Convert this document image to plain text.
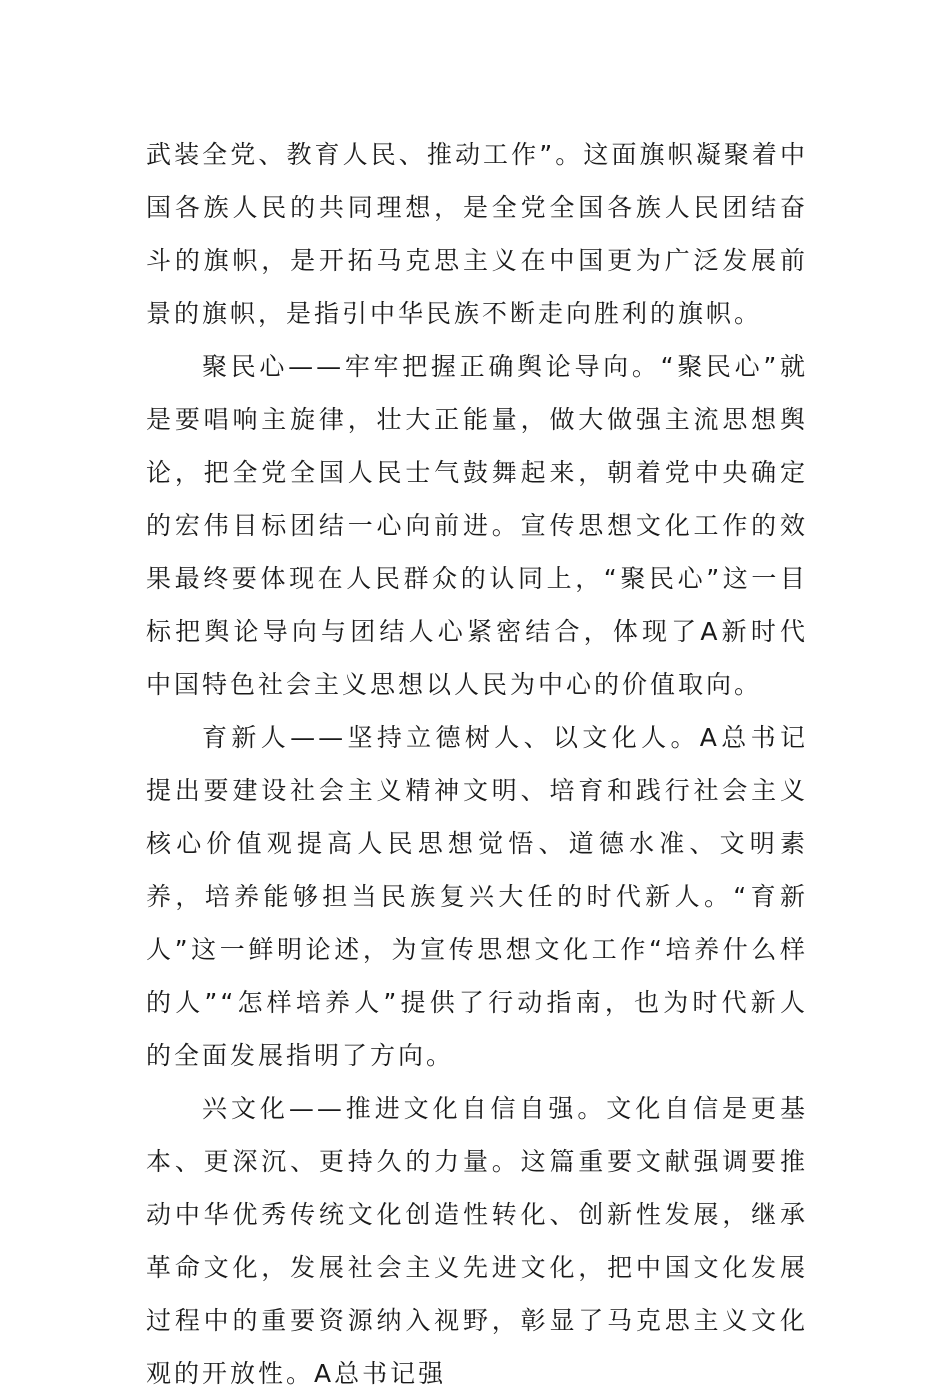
武装全党、教育人民、推动工作”。这面旗帜凝聚着中国各族人民的共同理想，是全党全国各族人民团结奋斗的旗帜，是开拓马克思主义在中国更为广泛发展前景的旗帜，是指引中华民族不断走向胜利的旗帜。

聚民心——牢牢把握正确舆论导向。“聚民心”就是要唱响主旋律，壮大正能量，做大做强主流思想舆论，把全党全国人民士气鼓舞起来，朝着党中央确定的宏伟目标团结一心向前进。宣传思想文化工作的效果最终要体现在人民群众的认同上，“聚民心”这一目标把舆论导向与团结人心紧密结合，体现了A新时代中国特色社会主义思想以人民为中心的价值取向。

育新人——坚持立德树人、以文化人。A总书记提出要建设社会主义精神文明、培育和践行社会主义核心价值观提高人民思想觉悟、道德水准、文明素养，培养能够担当民族复兴大任的时代新人。“育新人”这一鲜明论述，为宣传思想文化工作“培养什么样的人”“怎样培养人”提供了行动指南，也为时代新人的全面发展指明了方向。

兴文化——推进文化自信自强。文化自信是更基本、更深沉、更持久的力量。这篇重要文献强调要推动中华优秀传统文化创造性转化、创新性发展，继承革命文化，发展社会主义先进文化，把中国文化发展过程中的重要资源纳入视野，彰显了马克思主义文化观的开放性。A总书记强
